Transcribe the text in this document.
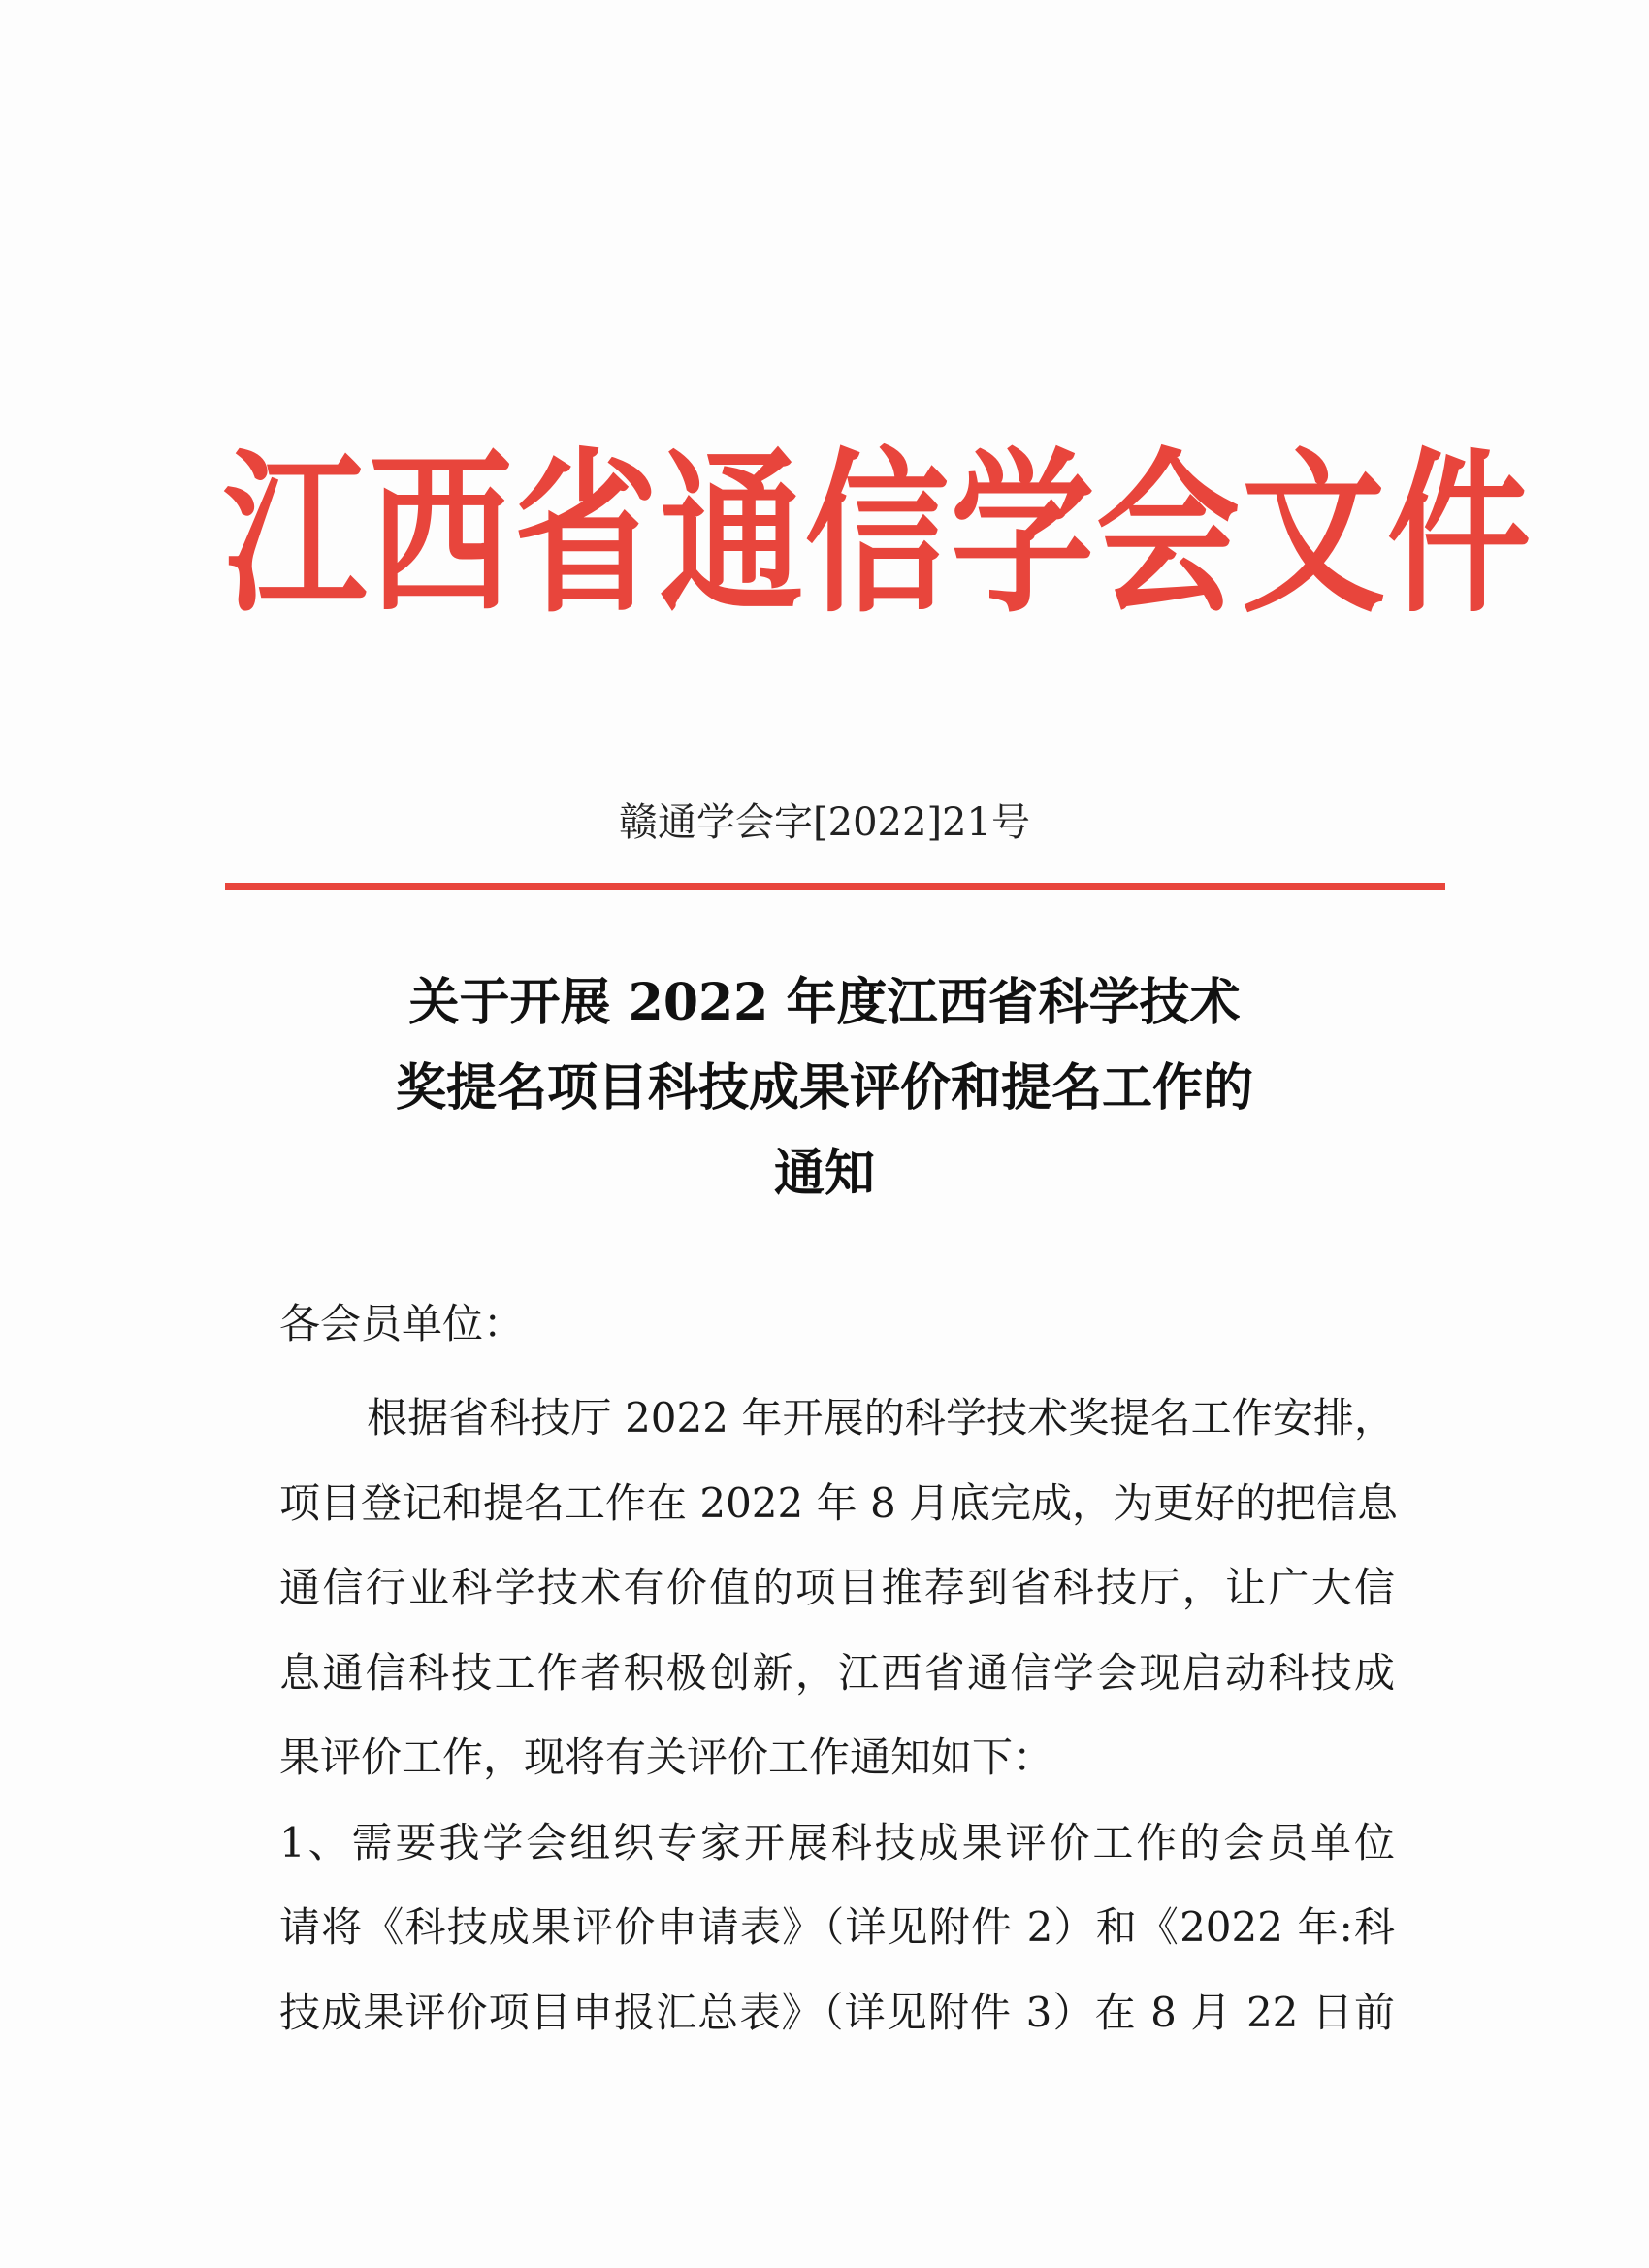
江西省通信学会文件
赣通学会字[2022]21号
关于开展 2022 年度江西省科学技术
奖提名项目科技成果评价和提名工作的
通知
各会员单位：
根据省科技厅 2022 年开展的科学技术奖提名工作安排，
项目登记和提名工作在 2022 年 8 月底完成，为更好的把信息
通信行业科学技术有价值的项目推荐到省科技厅，让广大信
息通信科技工作者积极创新，江西省通信学会现启动科技成
果评价工作，现将有关评价工作通知如下：
1、需要我学会组织专家开展科技成果评价工作的会员单位
请将《科技成果评价申请表》（详见附件 2）和《2022 年:科
技成果评价项目申报汇总表》（详见附件 3）在 8 月 22 日前
